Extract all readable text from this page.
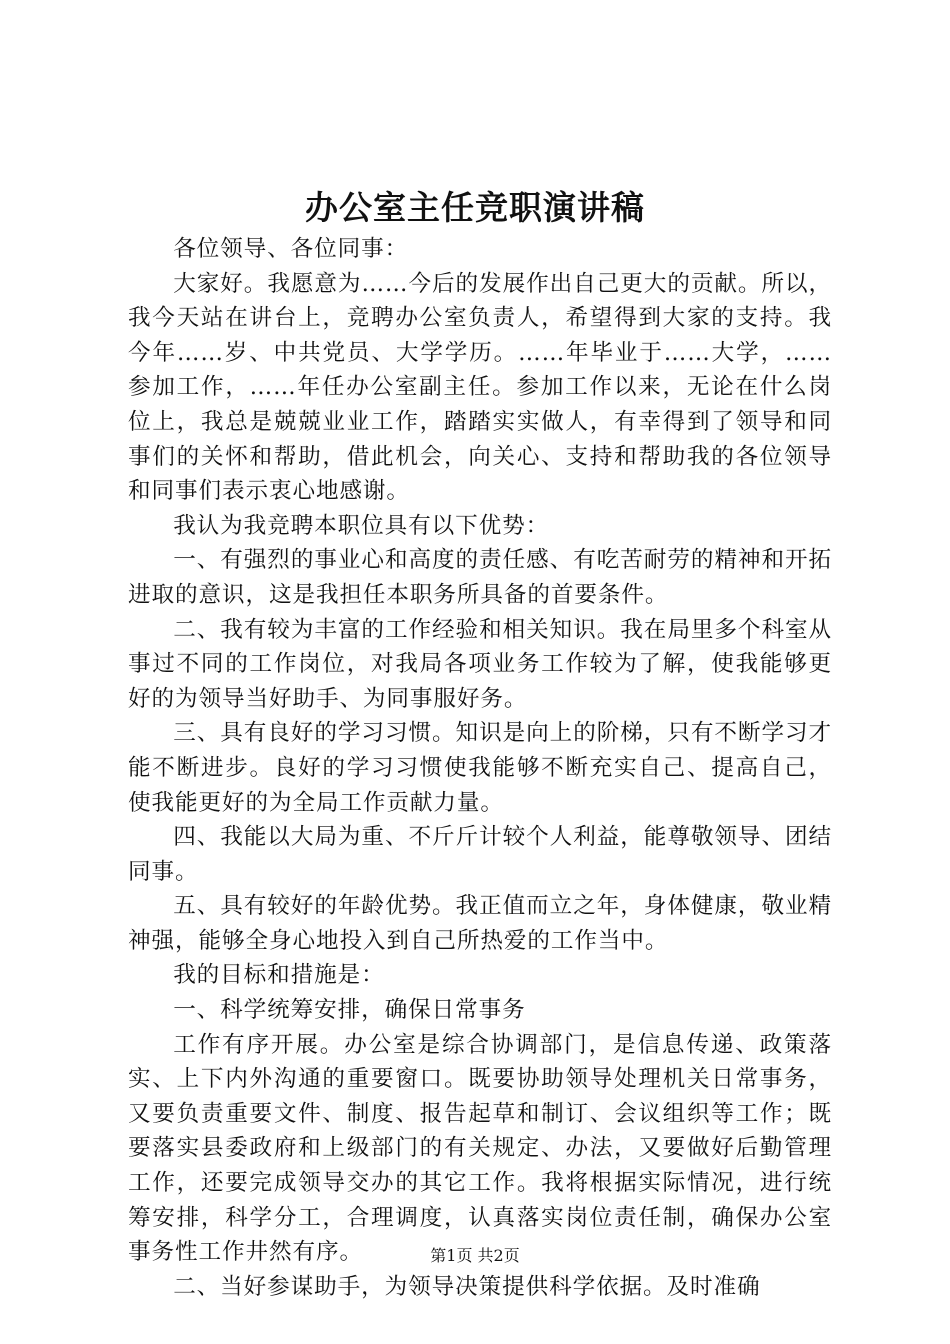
办公室主任竞职演讲稿

各位领导、各位同事：

大家好。我愿意为……今后的发展作出自己更大的贡献。所以，我今天站在讲台上，竞聘办公室负责人，希望得到大家的支持。我今年……岁、中共党员、大学学历。……年毕业于……大学，……参加工作，……年任办公室副主任。参加工作以来，无论在什么岗位上，我总是兢兢业业工作，踏踏实实做人，有幸得到了领导和同事们的关怀和帮助，借此机会，向关心、支持和帮助我的各位领导和同事们表示衷心地感谢。

我认为我竞聘本职位具有以下优势：

一、有强烈的事业心和高度的责任感、有吃苦耐劳的精神和开拓进取的意识，这是我担任本职务所具备的首要条件。

二、我有较为丰富的工作经验和相关知识。我在局里多个科室从事过不同的工作岗位，对我局各项业务工作较为了解，使我能够更好的为领导当好助手、为同事服好务。

三、具有良好的学习习惯。知识是向上的阶梯，只有不断学习才能不断进步。良好的学习习惯使我能够不断充实自己、提高自己，使我能更好的为全局工作贡献力量。

四、我能以大局为重、不斤斤计较个人利益，能尊敬领导、团结同事。

五、具有较好的年龄优势。我正值而立之年，身体健康，敬业精神强，能够全身心地投入到自己所热爱的工作当中。

我的目标和措施是：

一、科学统筹安排，确保日常事务

工作有序开展。办公室是综合协调部门，是信息传递、政策落实、上下内外沟通的重要窗口。既要协助领导处理机关日常事务，又要负责重要文件、制度、报告起草和制订、会议组织等工作；既要落实县委政府和上级部门的有关规定、办法，又要做好后勤管理工作，还要完成领导交办的其它工作。我将根据实际情况，进行统筹安排，科学分工，合理调度，认真落实岗位责任制，确保办公室事务性工作井然有序。

二、当好参谋助手，为领导决策提供科学依据。及时准确

第1页 共2页
